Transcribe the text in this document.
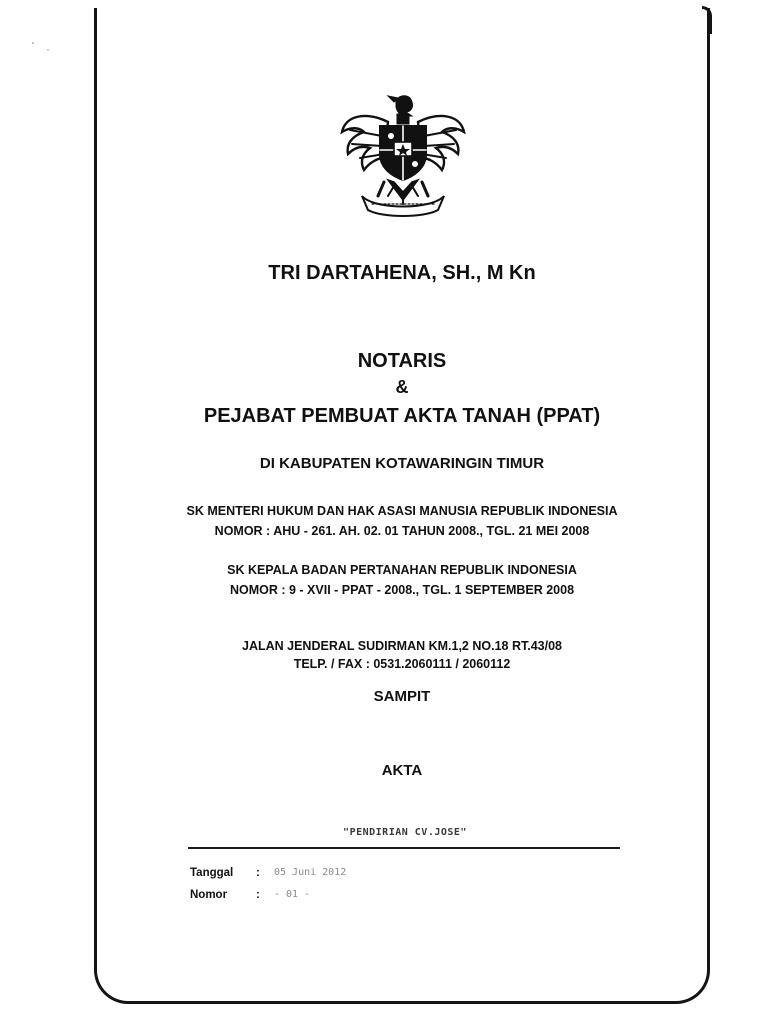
TRI DARTAHENA, SH., M Kn
NOTARIS
&
PEJABAT PEMBUAT AKTA TANAH (PPAT)
DI KABUPATEN KOTAWARINGIN TIMUR
SK MENTERI HUKUM DAN HAK ASASI MANUSIA REPUBLIK INDONESIA
NOMOR : AHU - 261. AH. 02. 01 TAHUN 2008., TGL. 21 MEI 2008
SK KEPALA BADAN PERTANAHAN REPUBLIK INDONESIA
NOMOR : 9 - XVII - PPAT - 2008., TGL. 1 SEPTEMBER 2008
JALAN JENDERAL SUDIRMAN KM.1,2 NO.18 RT.43/08
TELP. / FAX : 0531.2060111 / 2060112
SAMPIT
AKTA
"PENDIRIAN CV.JOSE"
Tanggal : 05 Juni 2012
Nomor	: - 01 -
